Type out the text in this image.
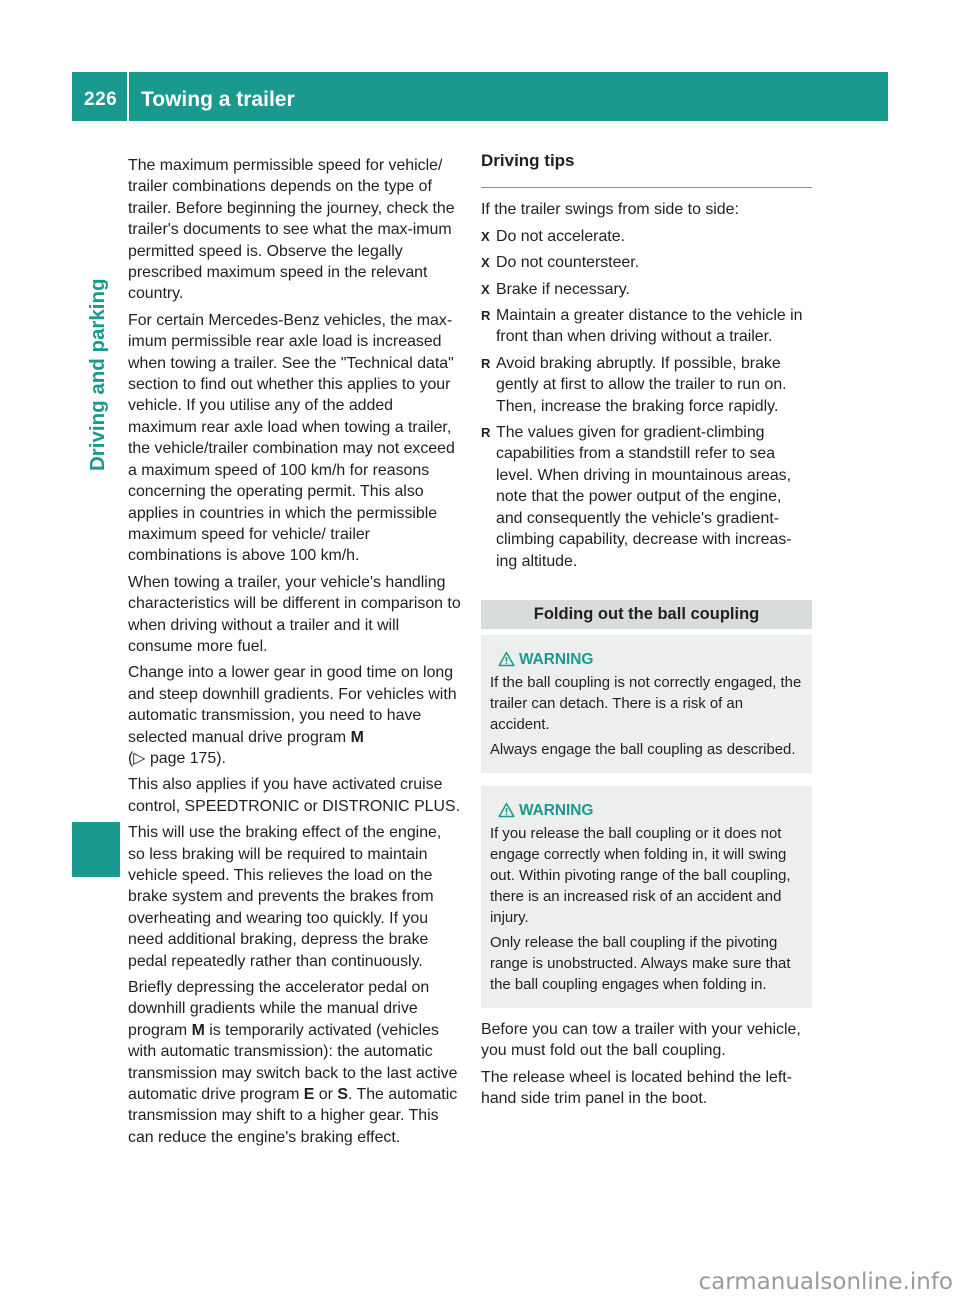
226 Towing a trailer
Driving and parking

The maximum permissible speed for vehicle/ trailer combinations depends on the type of trailer. Before beginning the journey, check the trailer's documents to see what the max-imum permitted speed is. Observe the legally prescribed maximum speed in the relevant country.

For certain Mercedes-Benz vehicles, the max-imum permissible rear axle load is increased when towing a trailer. See the "Technical data" section to find out whether this applies to your vehicle. If you utilise any of the added maximum rear axle load when towing a trailer, the vehicle/trailer combination may not exceed a maximum speed of 100 km/h for reasons concerning the operating permit. This also applies in countries in which the permissible maximum speed for vehicle/ trailer combinations is above 100 km/h.

When towing a trailer, your vehicle's handling characteristics will be different in comparison to when driving without a trailer and it will consume more fuel.

Change into a lower gear in good time on long and steep downhill gradients. For vehicles with automatic transmission, you need to have selected manual drive program M
(▷ page 175).

This also applies if you have activated cruise control, SPEEDTRONIC or DISTRONIC PLUS.

This will use the braking effect of the engine, so less braking will be required to maintain vehicle speed. This relieves the load on the brake system and prevents the brakes from overheating and wearing too quickly. If you need additional braking, depress the brake pedal repeatedly rather than continuously.

Briefly depressing the accelerator pedal on downhill gradients while the manual drive program M is temporarily activated (vehicles with automatic transmission): the automatic transmission may switch back to the last active automatic drive program E or S. The automatic transmission may shift to a higher gear. This can reduce the engine's braking effect.

Driving tips

If the trailer swings from side to side:

X Do not accelerate.
X Do not countersteer.
X Brake if necessary.
R Maintain a greater distance to the vehicle in front than when driving without a trailer.
R Avoid braking abruptly. If possible, brake gently at first to allow the trailer to run on. Then, increase the braking force rapidly.
R The values given for gradient-climbing capabilities from a standstill refer to sea level. When driving in mountainous areas, note that the power output of the engine, and consequently the vehicle's gradient-climbing capability, decrease with increas-ing altitude.
Folding out the ball coupling
WARNING

If the ball coupling is not correctly engaged, the trailer can detach. There is a risk of an accident.

Always engage the ball coupling as described.

WARNING

If you release the ball coupling or it does not engage correctly when folding in, it will swing out. Within pivoting range of the ball coupling, there is an increased risk of an accident and injury.

Only release the ball coupling if the pivoting range is unobstructed. Always make sure that the ball coupling engages when folding in.

Before you can tow a trailer with your vehicle, you must fold out the ball coupling.

The release wheel is located behind the left-hand side trim panel in the boot.

carmanualsonline.info
